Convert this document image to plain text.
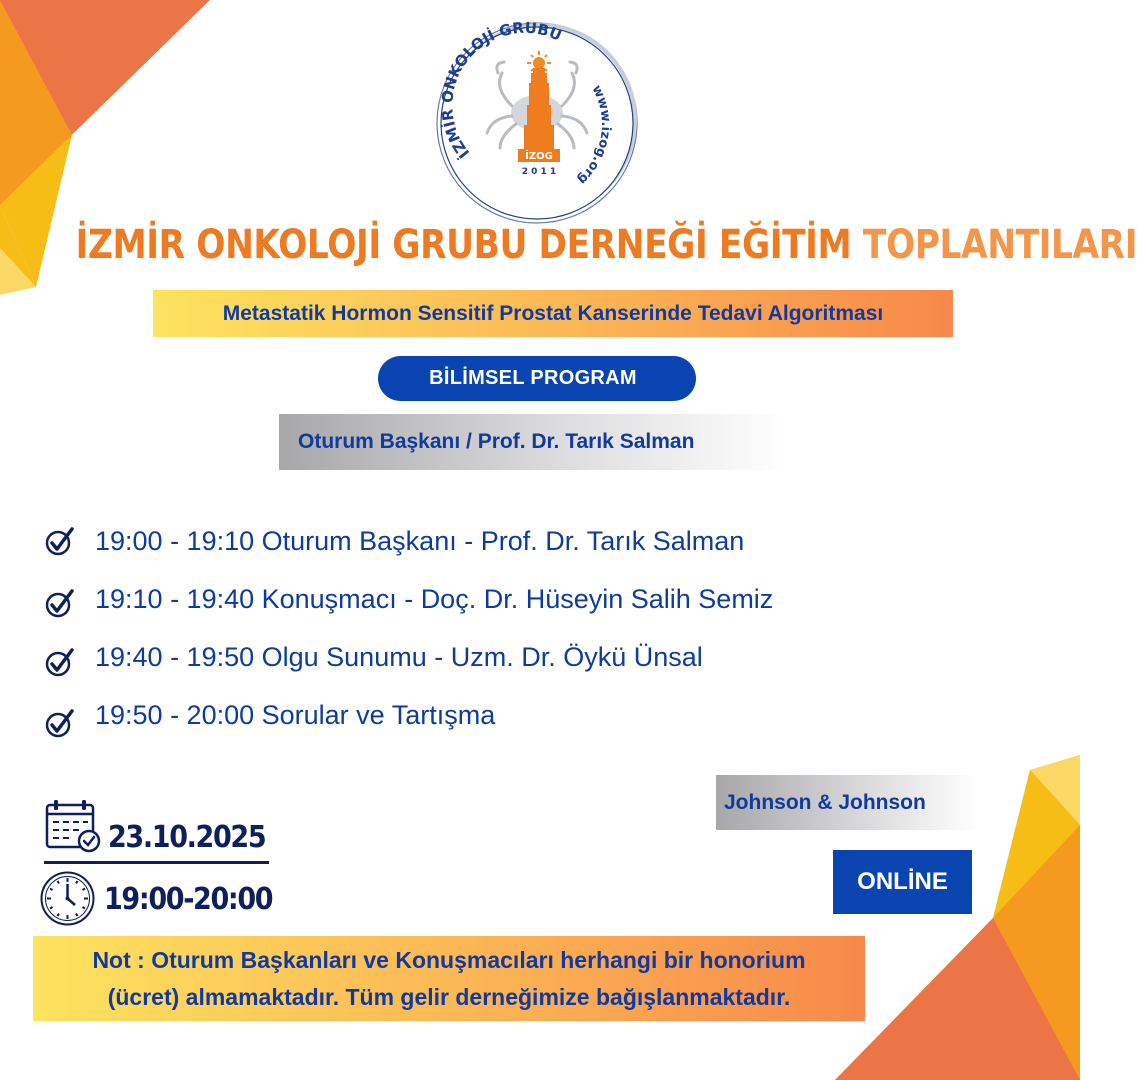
İZMİR ONKOLOJİ GRUBU
www.izog.org
İZOG
2 0 1 1
İZMİR ONKOLOJİ GRUBU DERNEĞİ EĞİTİM TOPLANTILARI
Metastatik Hormon Sensitif Prostat Kanserinde Tedavi Algoritması
BİLİMSEL PROGRAM
Oturum Başkanı / Prof. Dr. Tarık Salman
19:00 - 19:10 Oturum Başkanı - Prof. Dr. Tarık Salman
19:10 - 19:40 Konuşmacı - Doç. Dr. Hüseyin Salih Semiz
19:40 - 19:50 Olgu Sunumu - Uzm. Dr. Öykü Ünsal
19:50 - 20:00 Sorular ve Tartışma
23.10.2025
19:00-20:00
Johnson & Johnson
ONLİNE
Not : Oturum Başkanları ve Konuşmacıları herhangi bir honorium
(ücret) almamaktadır. Tüm gelir derneğimize bağışlanmaktadır.
